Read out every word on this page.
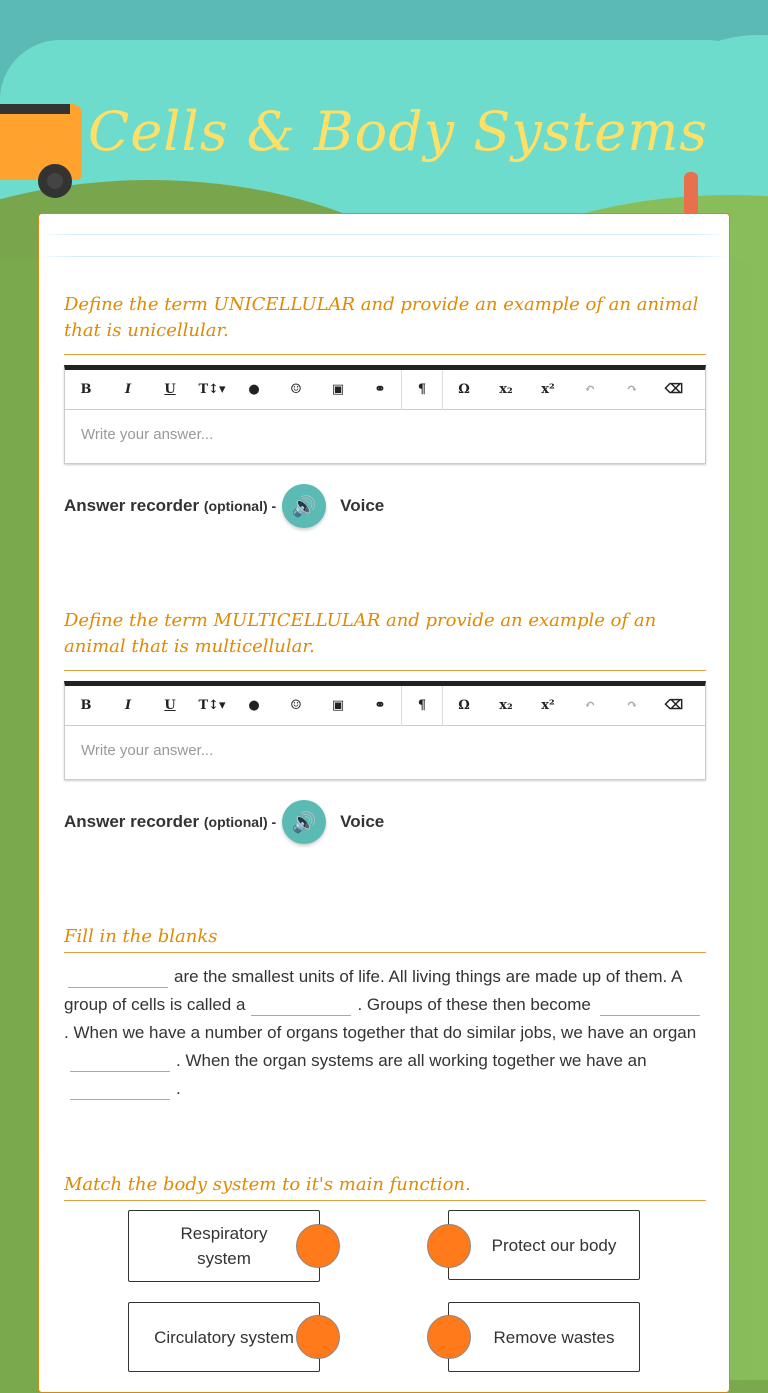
Cells & Body Systems
Define the term UNICELLULAR and provide an example of an animal that is unicellular.
B	I	U	T↕▾	●	☺	▣	⚭	¶	Ω	x₂	x²	↶	↷	⌫
Write your answer...
Answer recorder
(optional) - 🔊	Voice
Define the term MULTICELLULAR and provide an example of an animal that is multicellular.
B	I	U	T↕▾	●	☺	▣	⚭	¶	Ω	x₂	x²	↶	↷	⌫
Write your answer...
Answer recorder
(optional) - 🔊	Voice
Fill in the blanks
are the smallest units of life. All living things are made up of them. A group of cells is called a	. Groups of these then become . When we have a number of organs together that do similar jobs, we have an organ. When the organ systems are all working together we have an.
Match the body system to it's main function.
Respiratory system
Protect our body
Circulatory system	Remove wastes
